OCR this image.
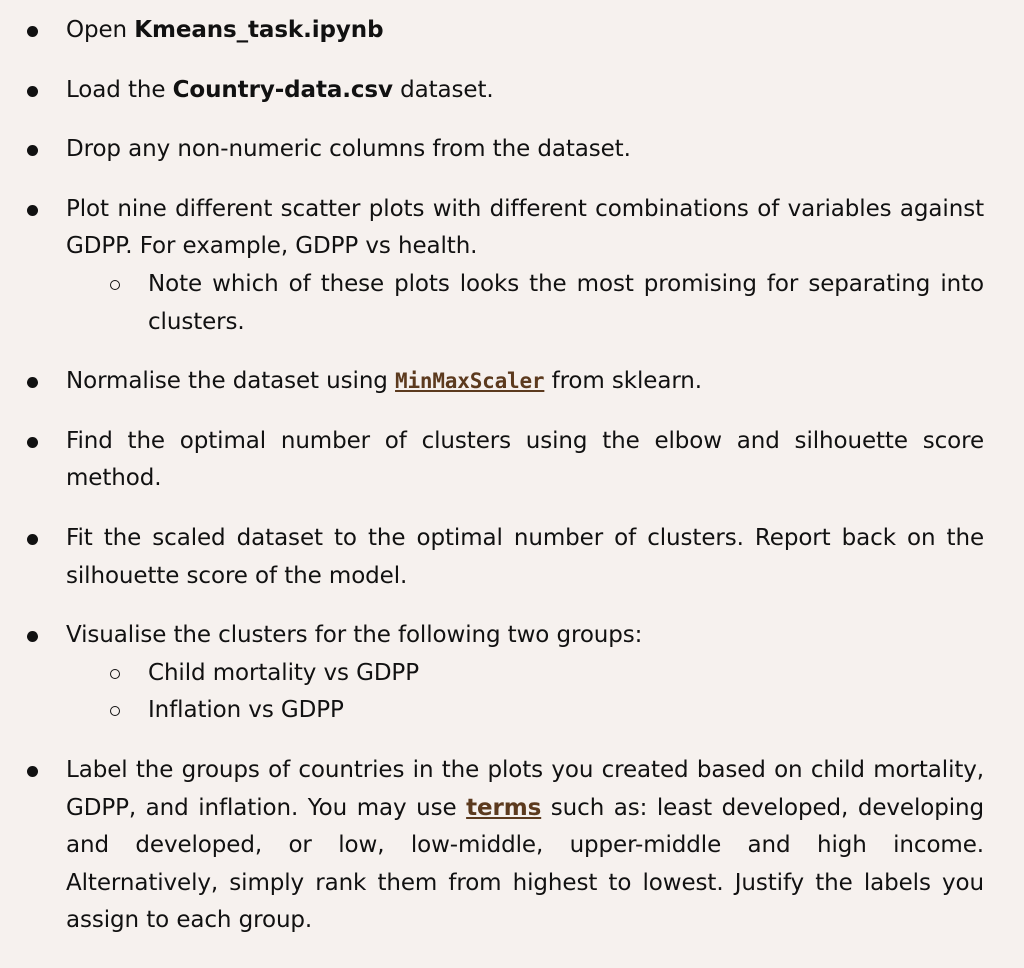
Open Kmeans_task.ipynb
Load the Country-data.csv dataset.
Drop any non-numeric columns from the dataset.
Plot nine different scatter plots with different combinations of variables against GDPP. For example, GDPP vs health.
Note which of these plots looks the most promising for separating into clusters.
Normalise the dataset using MinMaxScaler from sklearn.
Find the optimal number of clusters using the elbow and silhouette score method.
Fit the scaled dataset to the optimal number of clusters. Report back on the silhouette score of the model.
Visualise the clusters for the following two groups:
Child mortality vs GDPP
Inflation vs GDPP
Label the groups of countries in the plots you created based on child mortality, GDPP, and inflation. You may use terms such as: least developed, developing and developed, or low, low-middle, upper-middle and high income. Alternatively, simply rank them from highest to lowest. Justify the labels you assign to each group.
